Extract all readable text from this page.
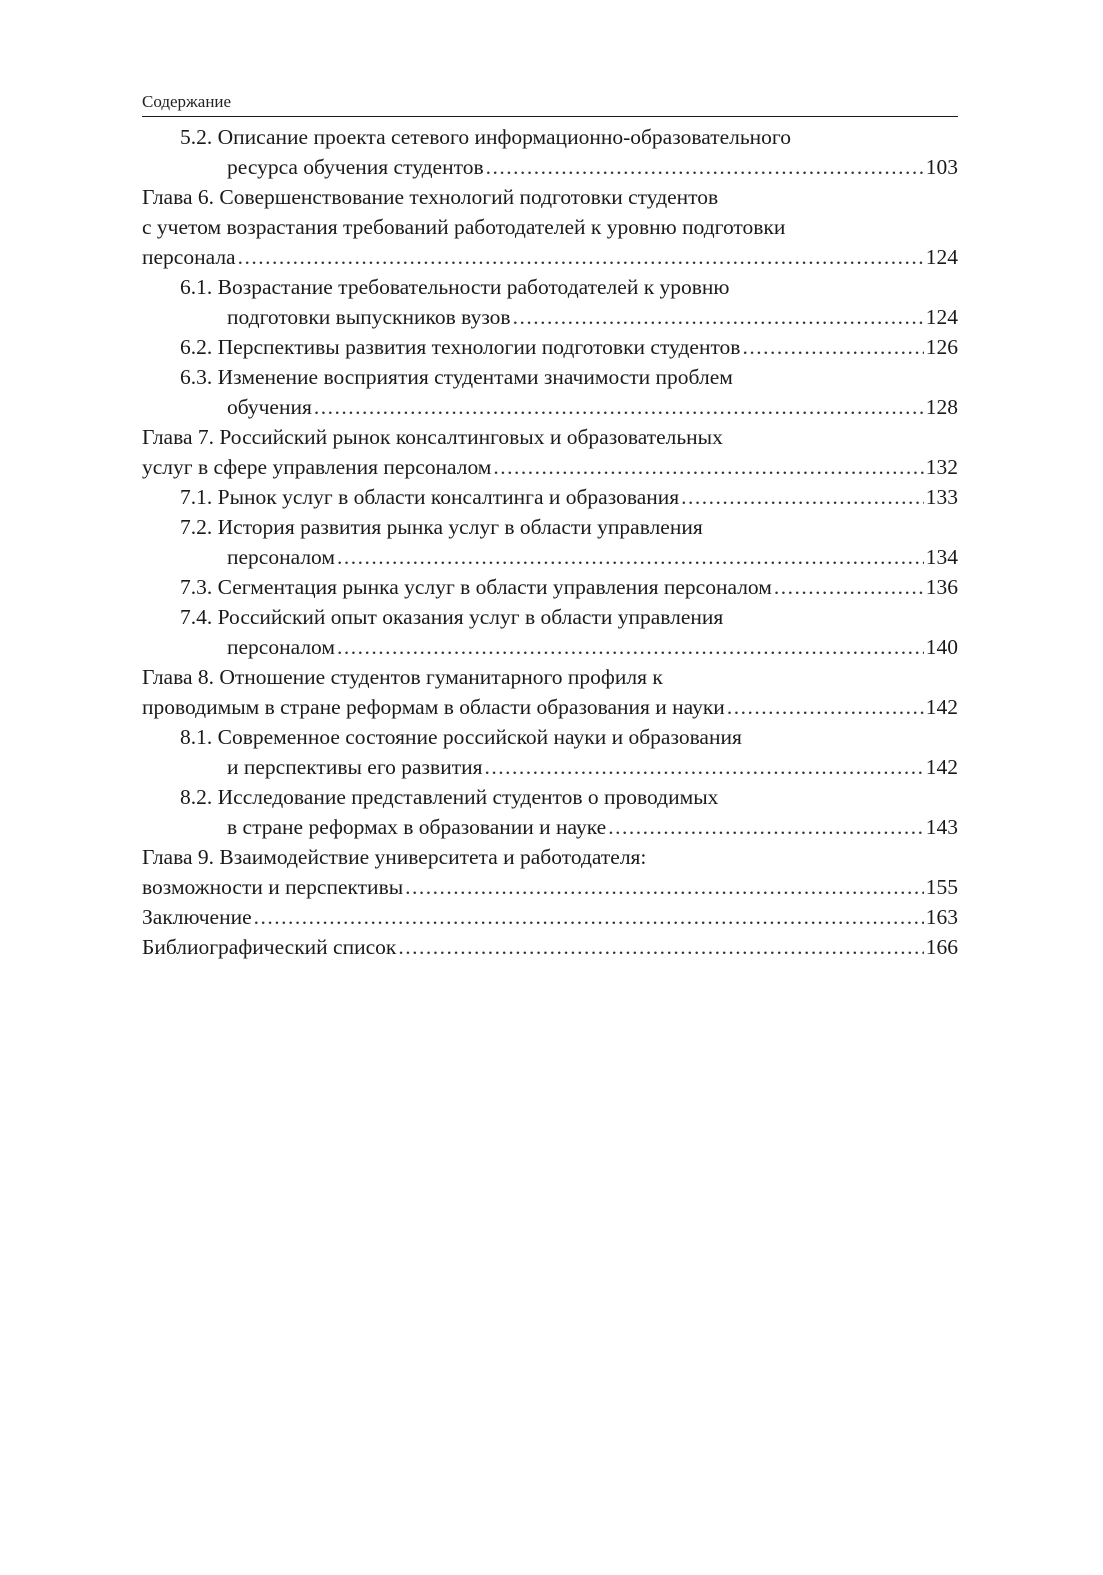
Содержание
5.2. Описание проекта сетевого информационно-образовательного
ресурса обучения студентов .....	103
Глава 6. Совершенствование технологий подготовки студентов
с учетом возрастания требований работодателей к уровню подготовки
персонала .....	124
6.1. Возрастание требовательности работодателей к уровню
подготовки выпускников вузов .....	124
6.2. Перспективы развития технологии подготовки студентов .....	126
6.3. Изменение восприятия студентами значимости проблем
обучения .....	128
Глава 7. Российский рынок консалтинговых и образовательных
услуг в сфере управления персоналом .....	132
7.1. Рынок услуг в области консалтинга и образования .....	133
7.2. История развития рынка услуг в области управления
персоналом .....	134
7.3. Сегментация рынка услуг в области управления персоналом .....	136
7.4. Российский опыт оказания услуг в области управления
персоналом .....	140
Глава 8. Отношение студентов гуманитарного профиля к
проводимым в стране реформам в области образования и науки .....	142
8.1. Современное состояние российской науки и образования
и перспективы его развития .....	142
8.2. Исследование представлений студентов о проводимых
в стране реформах в образовании и науке .....	143
Глава 9. Взаимодействие университета и работодателя:
возможности и перспективы .....	155
Заключение .....	163
Библиографический список .....	166
